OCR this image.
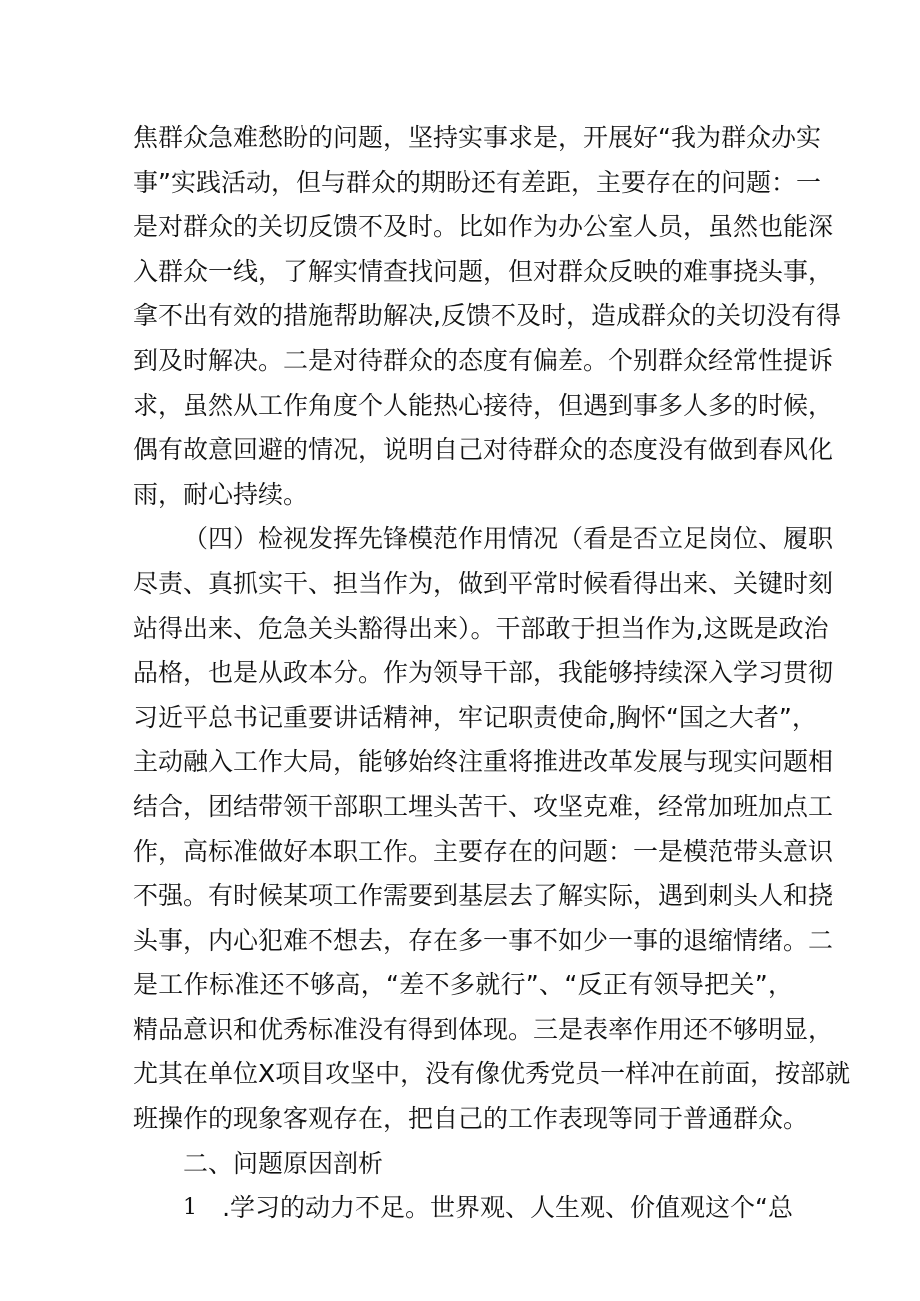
焦群众急难愁盼的问题，坚持实事求是，开展好“我为群众办实
事”实践活动，但与群众的期盼还有差距，主要存在的问题：一
是对群众的关切反馈不及时。比如作为办公室人员，虽然也能深
入群众一线，了解实情查找问题，但对群众反映的难事挠头事，
拿不出有效的措施帮助解决,反馈不及时，造成群众的关切没有得
到及时解决。二是对待群众的态度有偏差。个别群众经常性提诉
求，虽然从工作角度个人能热心接待，但遇到事多人多的时候，
偶有故意回避的情况，说明自己对待群众的态度没有做到春风化
雨，耐心持续。
（四）检视发挥先锋模范作用情况（看是否立足岗位、履职
尽责、真抓实干、担当作为，做到平常时候看得出来、关键时刻
站得出来、危急关头豁得出来）。干部敢于担当作为,这既是政治
品格，也是从政本分。作为领导干部，我能够持续深入学习贯彻
习近平总书记重要讲话精神，牢记职责使命,胸怀“国之大者”，
主动融入工作大局，能够始终注重将推进改革发展与现实问题相
结合，团结带领干部职工埋头苦干、攻坚克难，经常加班加点工
作，高标准做好本职工作。主要存在的问题：一是模范带头意识
不强。有时候某项工作需要到基层去了解实际，遇到刺头人和挠
头事，内心犯难不想去，存在多一事不如少一事的退缩情绪。二
是工作标准还不够高，“差不多就行”、“反正有领导把关”，
精品意识和优秀标准没有得到体现。三是表率作用还不够明显，
尤其在单位X项目攻坚中，没有像优秀党员一样冲在前面，按部就
班操作的现象客观存在，把自己的工作表现等同于普通群众。
二、问题原因剖析
1	.学习的动力不足。世界观、人生观、价值观这个“总
